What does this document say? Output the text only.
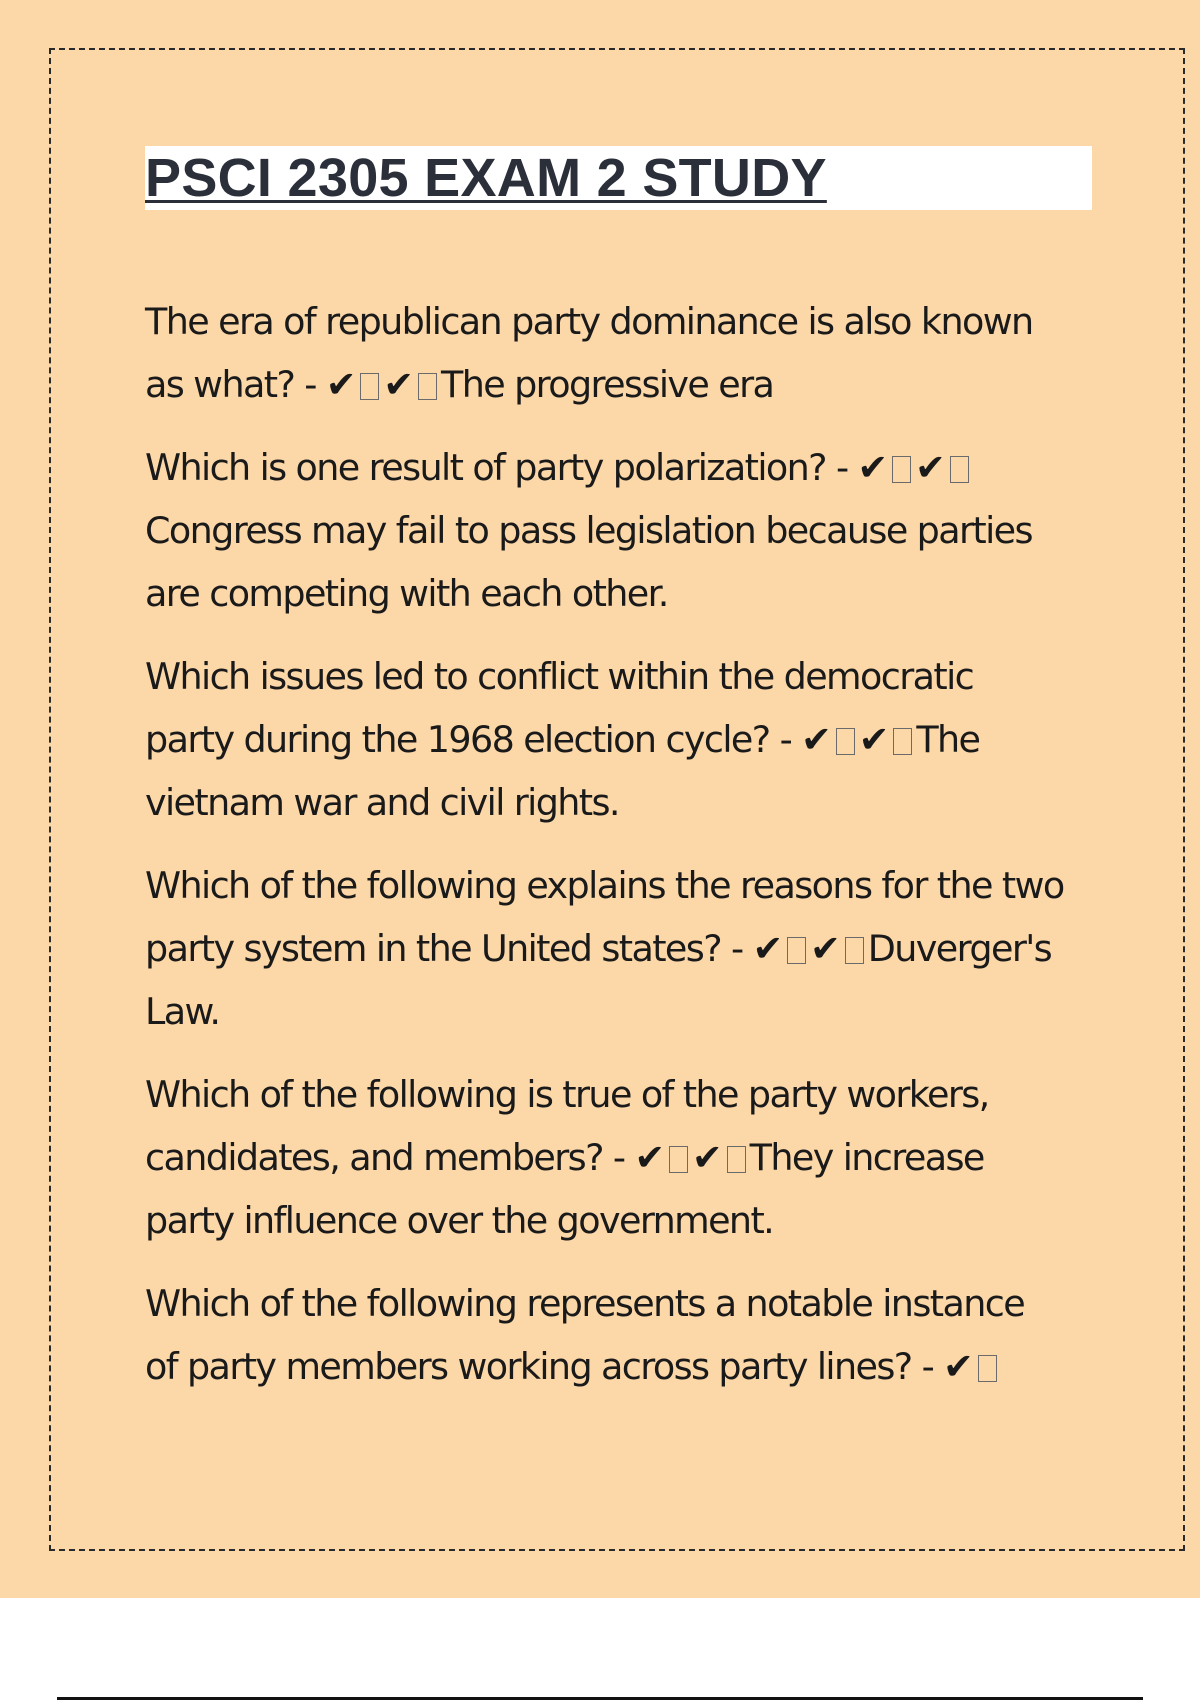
PSCI 2305 EXAM 2 STUDY
The era of republican party dominance is also known as what? - ✔ ✔ The progressive era
Which is one result of party polarization? - ✔ ✔Congress may fail to pass legislation because parties are competing with each other.
Which issues led to conflict within the democratic party during the 1968 election cycle? - ✔ ✔ The vietnam war and civil rights.
Which of the following explains the reasons for the two party system in the United states? - ✔ ✔ Duverger's Law.
Which of the following is true of the party workers, candidates, and members? - ✔ ✔ They increase party influence over the government.
Which of the following represents a notable instance of party members working across party lines? - ✔
